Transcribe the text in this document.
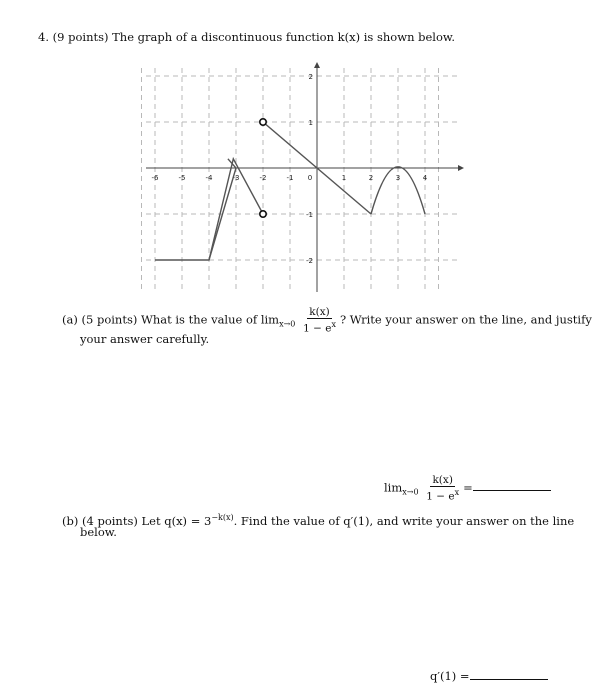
4. (9 points) The graph of a discontinuous function k(x) is shown below.
-6	-5	-4	-3	-2	-1 0	1	2	3	4
2
1
-1
-2
(a) (5 points) What is the value of $\lim_{x\to 0} \frac{k(x)}{1 - e^x}$ ? Write your answer on the line, and justify
your answer carefully.
$\lim_{x\to 0} \frac{k(x)}{1 - e^x}$ =
(b) (4 points) Let $q(x) = 3^{-k(x)}$. Find the value of q′(1), and write your answer on the line
below.
q′(1) =
